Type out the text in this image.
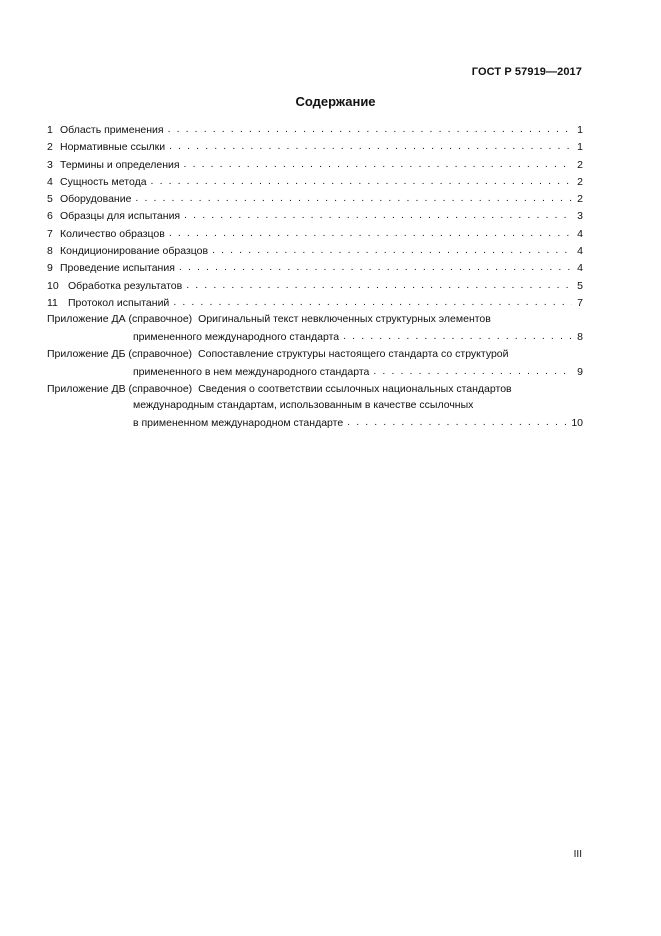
ГОСТ Р 57919—2017
Содержание
1 Область применения . . .	1
2 Нормативные ссылки . . .	1
3 Термины и определения . . .	2
4 Сущность метода . . .	2
5 Оборудование . . .	2
6 Образцы для испытания . . .	3
7 Количество образцов . . .	4
8 Кондиционирование образцов . . .	4
9 Проведение испытания . . .	4
10 Обработка результатов . . .	5
11 Протокол испытаний . . .	7
Приложение ДА (справочное) Оригинальный текст невключенных структурных элементов
примененного международного стандарта . . .	8
Приложение ДБ (справочное) Сопоставление структуры настоящего стандарта со структурой
примененного в нем международного стандарта . . .	9
Приложение ДВ (справочное) Сведения о соответствии ссылочных национальных стандартов
международным стандартам, использованным в качестве ссылочных
в примененном международном стандарте . . .	10
III
